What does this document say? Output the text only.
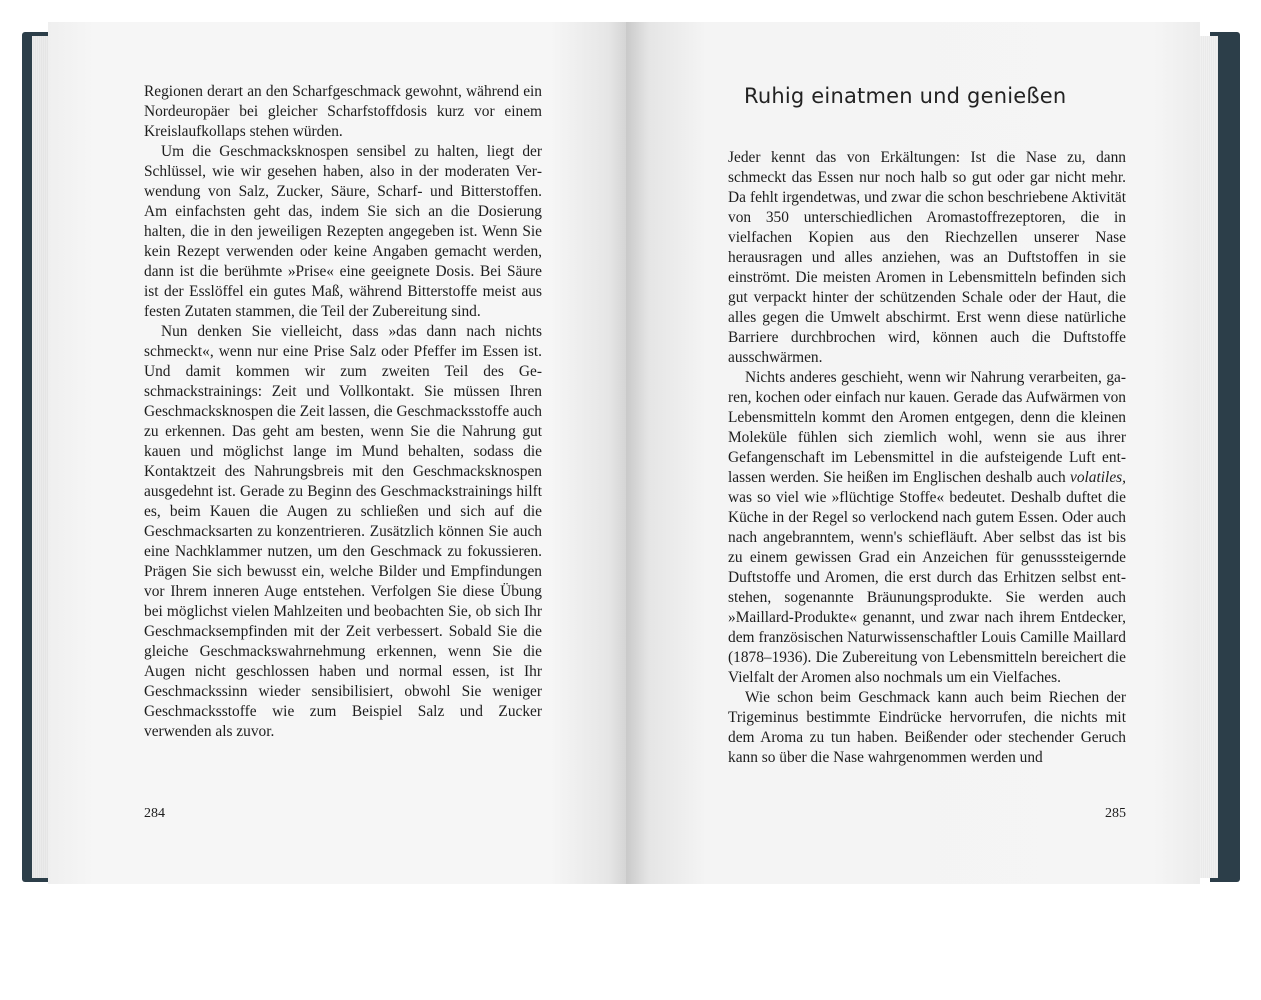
Regionen derart an den Scharfgeschmack gewohnt, während ein Nordeuropäer bei gleicher Scharfstoffdosis kurz vor einem Kreislaufkollaps stehen würden.

Um die Geschmacksknospen sensibel zu halten, liegt der Schlüssel, wie wir gesehen haben, also in der moderaten Verwendung von Salz, Zucker, Säure, Scharf- und Bitterstoffen. Am einfachsten geht das, indem Sie sich an die Dosierung halten, die in den jeweiligen Rezepten angegeben ist. Wenn Sie kein Rezept verwenden oder keine Angaben gemacht werden, dann ist die berühmte »Prise« eine geeignete Dosis. Bei Säure ist der Esslöffel ein gutes Maß, während Bitterstoffe meist aus festen Zutaten stammen, die Teil der Zubereitung sind.

Nun denken Sie vielleicht, dass »das dann nach nichts schmeckt«, wenn nur eine Prise Salz oder Pfeffer im Essen ist. Und damit kommen wir zum zweiten Teil des Geschmackstrainings: Zeit und Vollkontakt. Sie müssen Ihren Geschmacksknospen die Zeit lassen, die Geschmacksstoffe auch zu erkennen. Das geht am besten, wenn Sie die Nahrung gut kauen und möglichst lange im Mund behalten, sodass die Kontaktzeit des Nahrungsbreis mit den Geschmacksknospen ausgedehnt ist. Gerade zu Beginn des Geschmackstrainings hilft es, beim Kauen die Augen zu schließen und sich auf die Geschmacksarten zu konzentrieren. Zusätzlich können Sie auch eine Nachklammer nutzen, um den Geschmack zu fokussieren. Prägen Sie sich bewusst ein, welche Bilder und Empfindungen vor Ihrem inneren Auge entstehen. Verfolgen Sie diese Übung bei möglichst vielen Mahlzeiten und beobachten Sie, ob sich Ihr Geschmacksempfinden mit der Zeit verbessert. Sobald Sie die gleiche Geschmackswahrnehmung erkennen, wenn Sie die Augen nicht geschlossen haben und normal essen, ist Ihr Geschmackssinn wieder sensibilisiert, obwohl Sie weniger Geschmacksstoffe wie zum Beispiel Salz und Zucker verwenden als zuvor.

284
Ruhig einatmen und genießen

Jeder kennt das von Erkältungen: Ist die Nase zu, dann schmeckt das Essen nur noch halb so gut oder gar nicht mehr. Da fehlt irgendetwas, und zwar die schon beschriebene Aktivität von 350 unterschiedlichen Aromastoffrezeptoren, die in vielfachen Kopien aus den Riechzellen unserer Nase herausragen und alles anziehen, was an Duftstoffen in sie einströmt. Die meisten Aromen in Lebensmitteln befinden sich gut verpackt hinter der schützenden Schale oder der Haut, die alles gegen die Umwelt abschirmt. Erst wenn diese natürliche Barriere durchbrochen wird, können auch die Duftstoffe ausschwärmen.

Nichts anderes geschieht, wenn wir Nahrung verarbeiten, garen, kochen oder einfach nur kauen. Gerade das Aufwärmen von Lebensmitteln kommt den Aromen entgegen, denn die kleinen Moleküle fühlen sich ziemlich wohl, wenn sie aus ihrer Gefangenschaft im Lebensmittel in die aufsteigende Luft entlassen werden. Sie heißen im Englischen deshalb auch volatiles, was so viel wie »flüchtige Stoffe« bedeutet. Deshalb duftet die Küche in der Regel so verlockend nach gutem Essen. Oder auch nach angebranntem, wenn's schiefläuft. Aber selbst das ist bis zu einem gewissen Grad ein Anzeichen für genusssteigernde Duftstoffe und Aromen, die erst durch das Erhitzen selbst entstehen, sogenannte Bräunungsprodukte. Sie werden auch »Maillard-Produkte« genannt, und zwar nach ihrem Entdecker, dem französischen Naturwissenschaftler Louis Camille Maillard (1878–1936). Die Zubereitung von Lebensmitteln bereichert die Vielfalt der Aromen also nochmals um ein Vielfaches.

Wie schon beim Geschmack kann auch beim Riechen der Trigeminus bestimmte Eindrücke hervorrufen, die nichts mit dem Aroma zu tun haben. Beißender oder stechender Geruch kann so über die Nase wahrgenommen werden und

285
